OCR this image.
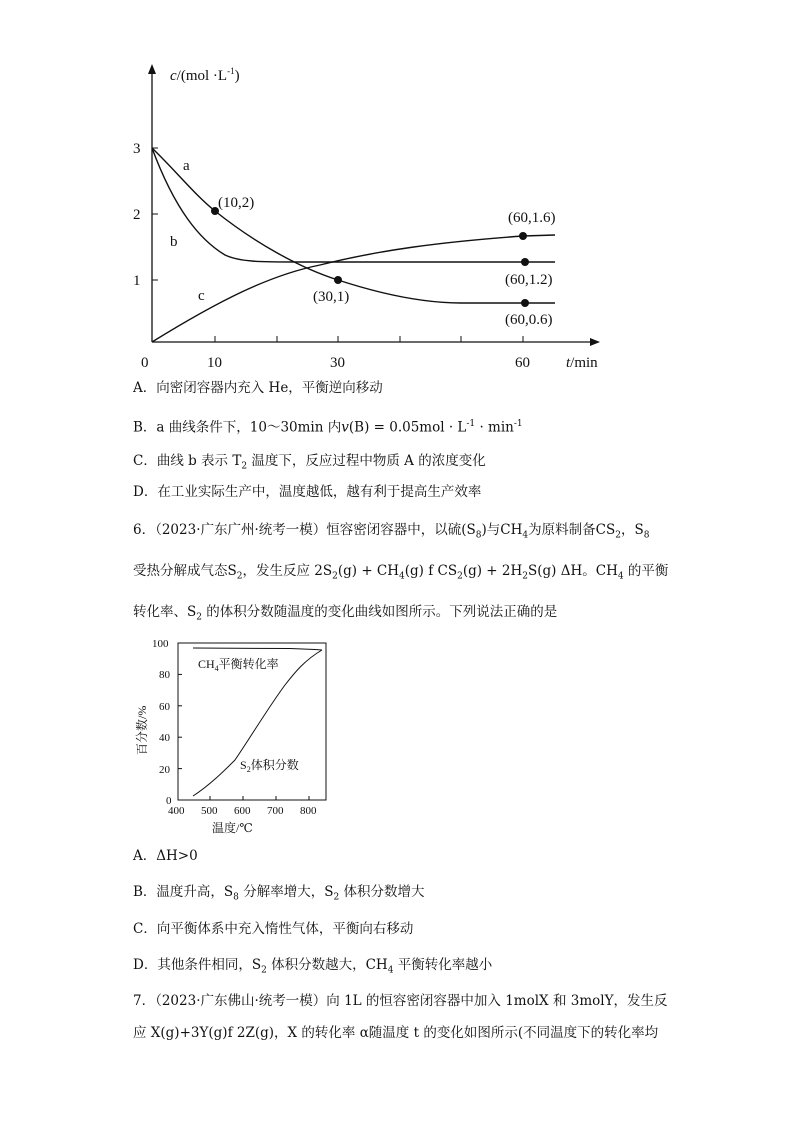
$c/(mol \cdot L^{-1})$
3
2
1
0	10	30	60 t/min
a
b
c
(10,2)
(30,1)
(60,1.6)
(60,1.2)
(60,0.6)
A．向密闭容器内充入 He，平衡逆向移动
B．a 曲线条件下，10～30min 内$v(B) = 0.05mol \cdot L^{-1} \cdot \min^{-1}$
C．曲线 b 表示 $T_2$ 温度下，反应过程中物质 A 的浓度变化
D．在工业实际生产中，温度越低，越有利于提高生产效率
6．（2023·广东广州·统考一模）恒容密闭容器中，以硫$(S_8)$与$CH_4$为原料制备$CS_2$，$S_8$
受热分解成气态$S_2$，发生反应 $2S_2(g) + CH_4(g)$ f $CS_2(g) + 2H_2S(g)$ ΔH。$CH_4$ 的平衡
转化率、$S_2$ 的体积分数随温度的变化曲线如图所示。下列说法正确的是
100
80
60
40
20
0
400 500 600 700 800
温度/℃
百分数/%
$CH_4$平衡转化率
$S_2$体积分数
A．ΔH>0
B．温度升高，$S_8$ 分解率增大，$S_2$ 体积分数增大
C．向平衡体系中充入惰性气体，平衡向右移动
D．其他条件相同，$S_2$ 体积分数越大，$CH_4$ 平衡转化率越小
7．（2023·广东佛山·统考一模）向 1L 的恒容密闭容器中加入 1molX 和 3molY，发生反
应 X(g)+3Y(g)f 2Z(g)，X 的转化率 α随温度 t 的变化如图所示(不同温度下的转化率均
